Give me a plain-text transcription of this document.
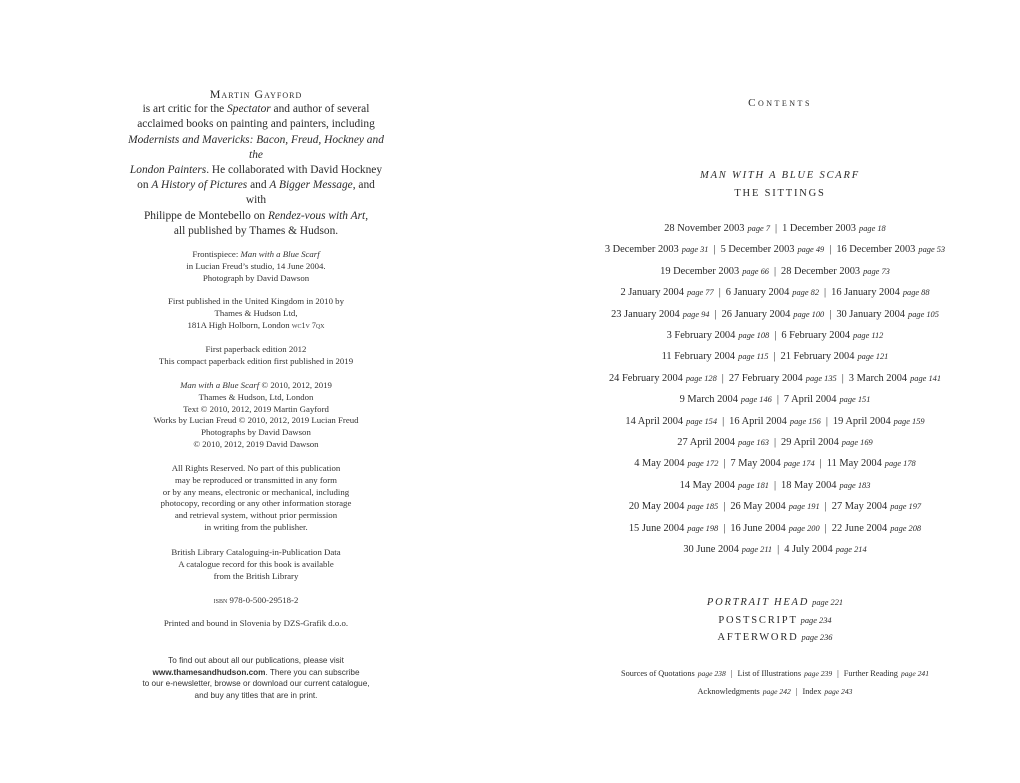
Martin Gayford
is art critic for the Spectator and author of several
acclaimed books on painting and painters, including
Modernists and Mavericks: Bacon, Freud, Hockney and the
London Painters. He collaborated with David Hockney
on A History of Pictures and A Bigger Message, and with
Philippe de Montebello on Rendez-vous with Art,
all published by Thames & Hudson.
Frontispiece: Man with a Blue Scarf
in Lucian Freud’s studio, 14 June 2004.
Photograph by David Dawson
First published in the United Kingdom in 2010 by
Thames & Hudson Ltd,
181A High Holborn, London wc1v 7qx
First paperback edition 2012
This compact paperback edition first published in 2019
Man with a Blue Scarf © 2010, 2012, 2019
Thames & Hudson, Ltd, London
Text © 2010, 2012, 2019 Martin Gayford
Works by Lucian Freud © 2010, 2012, 2019 Lucian Freud
Photographs by David Dawson
© 2010, 2012, 2019 David Dawson
All Rights Reserved. No part of this publication
may be reproduced or transmitted in any form
or by any means, electronic or mechanical, including
photocopy, recording or any other information storage
and retrieval system, without prior permission
in writing from the publisher.
British Library Cataloguing-in-Publication Data
A catalogue record for this book is available
from the British Library
isbn 978-0-500-29518-2
Printed and bound in Slovenia by DZS-Grafik d.o.o.
To find out about all our publications, please visit
www.thamesandhudson.com. There you can subscribe
to our e-newsletter, browse or download our current catalogue,
and buy any titles that are in print.
Contents
MAN WITH A BLUE SCARF
THE SITTINGS
28 November 2003 page 7 | 1 December 2003 page 18
3 December 2003 page 31 | 5 December 2003 page 49 | 16 December 2003 page 53
19 December 2003 page 66 | 28 December 2003 page 73
2 January 2004 page 77 | 6 January 2004 page 82 | 16 January 2004 page 88
23 January 2004 page 94 | 26 January 2004 page 100 | 30 January 2004 page 105
3 February 2004 page 108 | 6 February 2004 page 112
11 February 2004 page 115 | 21 February 2004 page 121
24 February 2004 page 128 | 27 February 2004 page 135 | 3 March 2004 page 141
9 March 2004 page 146 | 7 April 2004 page 151
14 April 2004 page 154 | 16 April 2004 page 156 | 19 April 2004 page 159
27 April 2004 page 163 | 29 April 2004 page 169
4 May 2004 page 172 | 7 May 2004 page 174 | 11 May 2004 page 178
14 May 2004 page 181 | 18 May 2004 page 183
20 May 2004 page 185 | 26 May 2004 page 191 | 27 May 2004 page 197
15 June 2004 page 198 | 16 June 2004 page 200 | 22 June 2004 page 208
30 June 2004 page 211 | 4 July 2004 page 214
PORTRAIT HEAD page 221
POSTSCRIPT page 234
AFTERWORD page 236
Sources of Quotations page 238 | List of Illustrations page 239 | Further Reading page 241
Acknowledgments page 242 | Index page 243
